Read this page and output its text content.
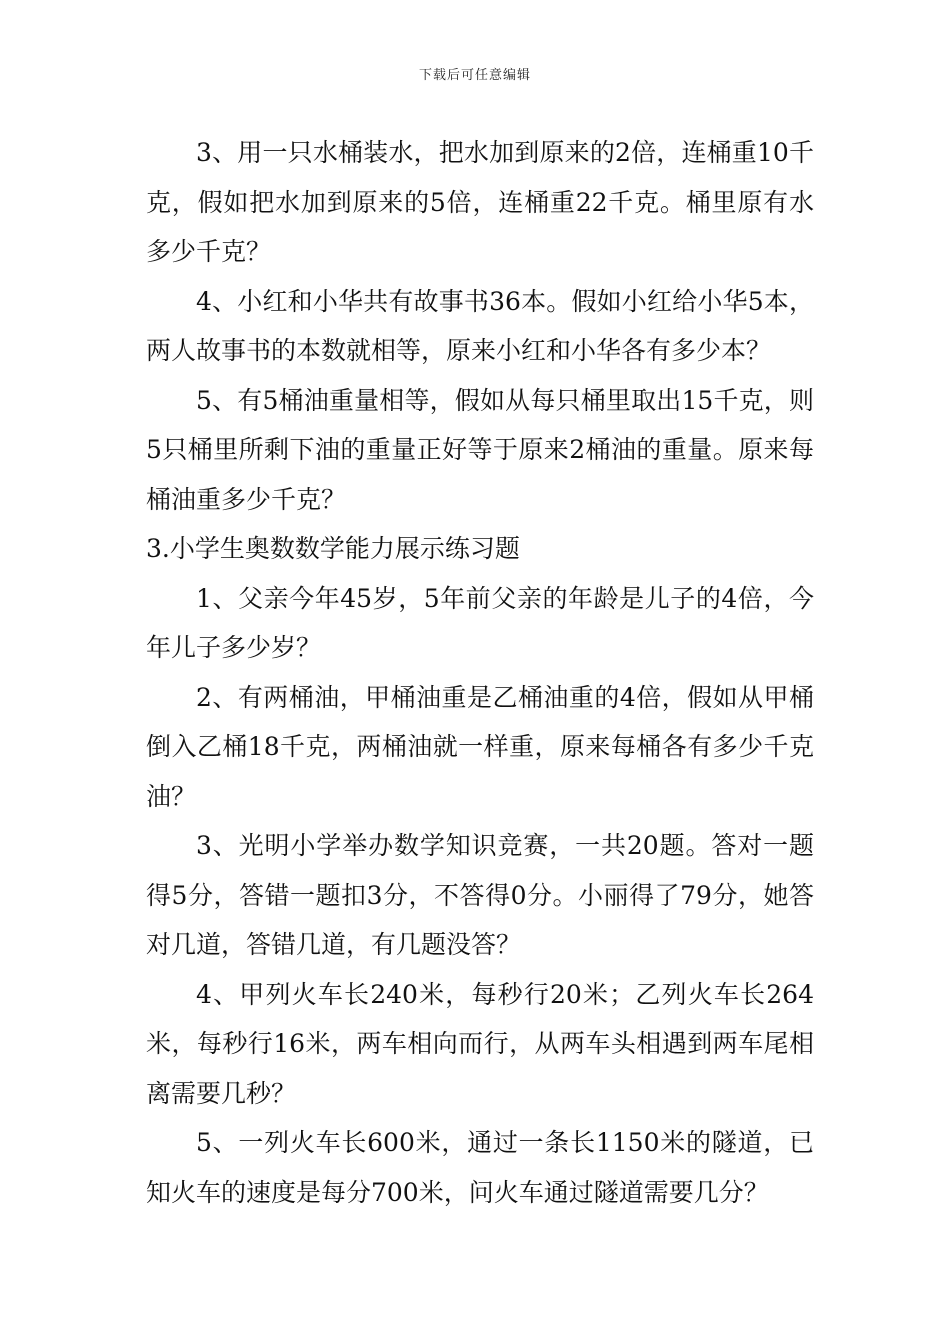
下载后可任意编辑

3、用一只水桶装水，把水加到原来的2倍，连桶重10千克，假如把水加到原来的5倍，连桶重22千克。桶里原有水多少千克？

4、小红和小华共有故事书36本。假如小红给小华5本，两人故事书的本数就相等，原来小红和小华各有多少本？

5、有5桶油重量相等，假如从每只桶里取出15千克，则5只桶里所剩下油的重量正好等于原来2桶油的重量。原来每桶油重多少千克？

3.小学生奥数数学能力展示练习题

1、父亲今年45岁，5年前父亲的年龄是儿子的4倍，今年儿子多少岁？

2、有两桶油，甲桶油重是乙桶油重的4倍，假如从甲桶倒入乙桶18千克，两桶油就一样重，原来每桶各有多少千克油？

3、光明小学举办数学知识竞赛，一共20题。答对一题得5分，答错一题扣3分，不答得0分。小丽得了79分，她答对几道，答错几道，有几题没答？

4、甲列火车长240米，每秒行20米；乙列火车长264米，每秒行16米，两车相向而行，从两车头相遇到两车尾相离需要几秒？

5、一列火车长600米，通过一条长1150米的隧道，已知火车的速度是每分700米，问火车通过隧道需要几分？
